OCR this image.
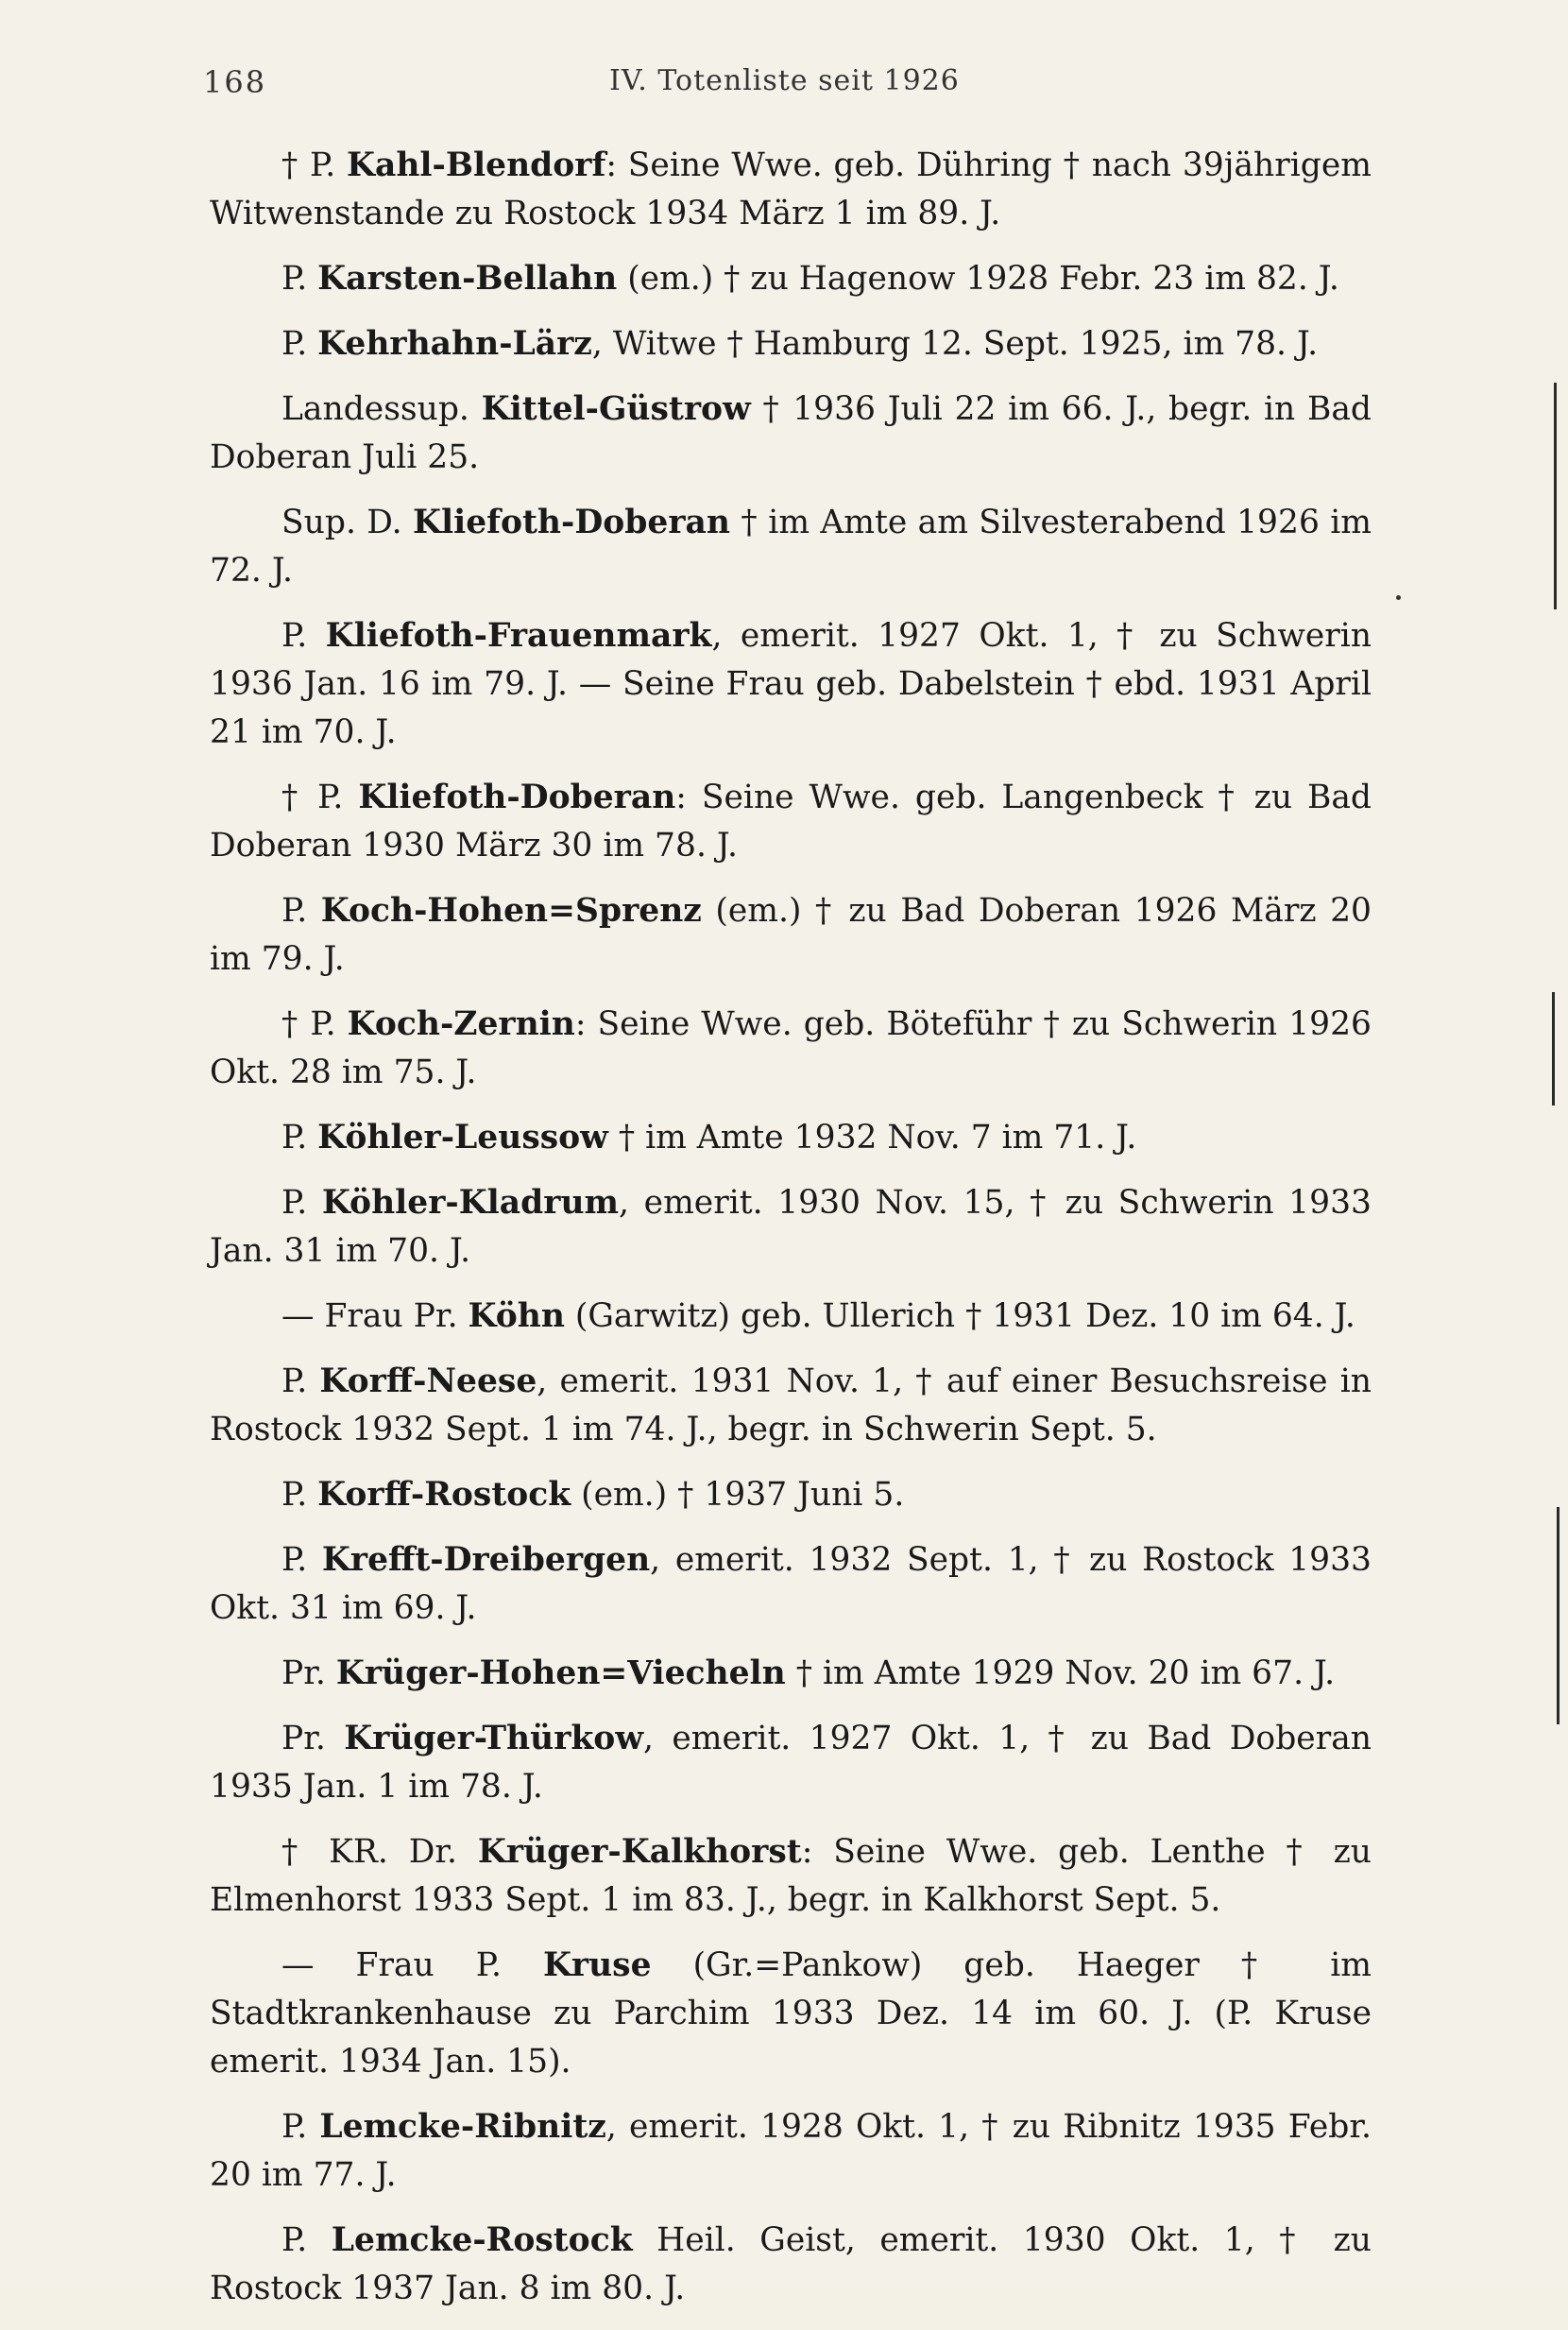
168	IV. Totenliste seit 1926

† P. Kahl-Blendorf: Seine Wwe. geb. Dühring † nach 39jährigem Witwenstande zu Rostock 1934 März 1 im 89. J.

P. Karsten-Bellahn (em.) † zu Hagenow 1928 Febr. 23 im 82. J.

P. Kehrhahn-Lärz, Witwe † Hamburg 12. Sept. 1925, im 78. J.

Landessup. Kittel-Güstrow † 1936 Juli 22 im 66. J., begr. in Bad Doberan Juli 25.

Sup. D. Kliefoth-Doberan † im Amte am Silvesterabend 1926 im 72. J.

P. Kliefoth-Frauenmark, emerit. 1927 Okt. 1, † zu Schwerin 1936 Jan. 16 im 79. J. — Seine Frau geb. Dabelstein † ebd. 1931 April 21 im 70. J.

† P. Kliefoth-Doberan: Seine Wwe. geb. Langenbeck † zu Bad Doberan 1930 März 30 im 78. J.

P. Koch-Hohen=Sprenz (em.) † zu Bad Doberan 1926 März 20 im 79. J.

† P. Koch-Zernin: Seine Wwe. geb. Böteführ † zu Schwerin 1926 Okt. 28 im 75. J.

P. Köhler-Leussow † im Amte 1932 Nov. 7 im 71. J.

P. Köhler-Kladrum, emerit. 1930 Nov. 15, † zu Schwerin 1933 Jan. 31 im 70. J.

— Frau Pr. Köhn (Garwitz) geb. Ullerich † 1931 Dez. 10 im 64. J.

P. Korff-Neese, emerit. 1931 Nov. 1, † auf einer Besuchsreise in Rostock 1932 Sept. 1 im 74. J., begr. in Schwerin Sept. 5.

P. Korff-Rostock (em.) † 1937 Juni 5.

P. Krefft-Dreibergen, emerit. 1932 Sept. 1, † zu Rostock 1933 Okt. 31 im 69. J.

Pr. Krüger-Hohen=Viecheln † im Amte 1929 Nov. 20 im 67. J.

Pr. Krüger-Thürkow, emerit. 1927 Okt. 1, † zu Bad Doberan 1935 Jan. 1 im 78. J.

† KR. Dr. Krüger-Kalkhorst: Seine Wwe. geb. Lenthe † zu Elmenhorst 1933 Sept. 1 im 83. J., begr. in Kalkhorst Sept. 5.

— Frau P. Kruse (Gr.=Pankow) geb. Haeger † im Stadtkrankenhause zu Parchim 1933 Dez. 14 im 60. J. (P. Kruse emerit. 1934 Jan. 15).

P. Lemcke-Ribnitz, emerit. 1928 Okt. 1, † zu Ribnitz 1935 Febr. 20 im 77. J.

P. Lemcke-Rostock Heil. Geist, emerit. 1930 Okt. 1, † zu Rostock 1937 Jan. 8 im 80. J.
